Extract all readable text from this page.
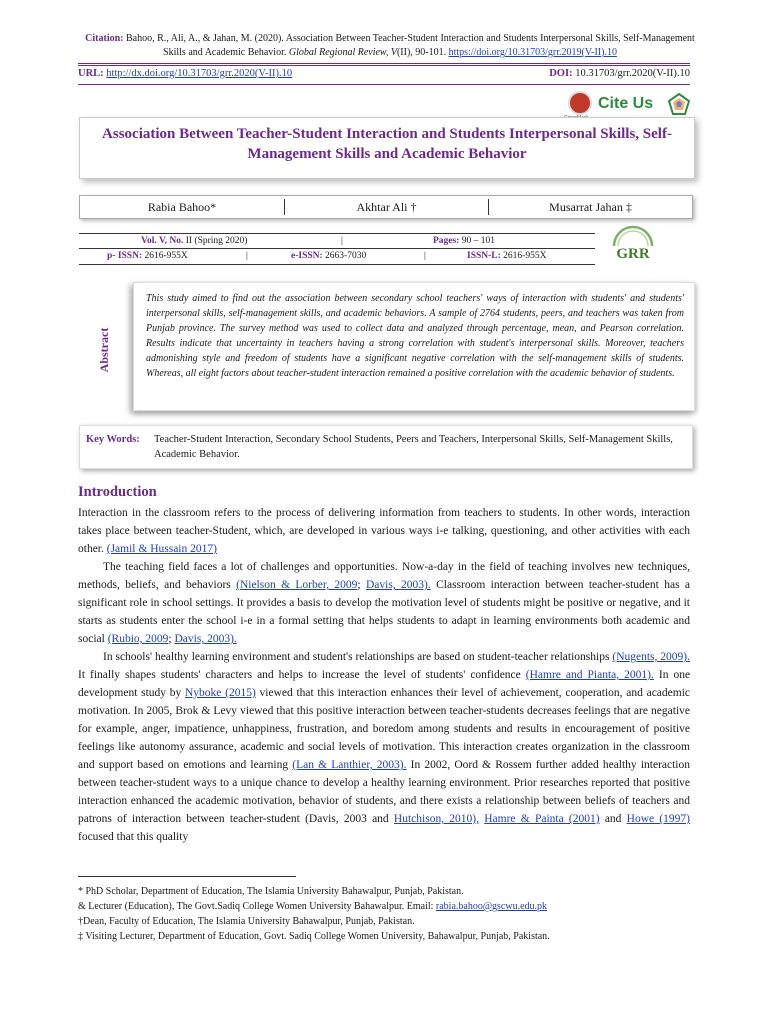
Citation: Bahoo, R., Ali, A., & Jahan, M. (2020). Association Between Teacher-Student Interaction and Students Interpersonal Skills, Self-Management Skills and Academic Behavior. Global Regional Review, V(II), 90-101. https://doi.org/10.31703/grr.2019(V-II).10
URL: http://dx.doi.org/10.31703/grr.2020(V-II).10	DOI: 10.31703/grr.2020(V-II).10
Cite Us
Association Between Teacher-Student Interaction and Students Interpersonal Skills, Self-Management Skills and Academic Behavior
Rabia Bahoo*	Akhtar Ali †	Musarrat Jahan ‡
Vol. V, No. II (Spring 2020)	|	Pages: 90 – 101
p- ISSN: 2616-955X	|	e-ISSN: 2663-7030	|	ISSN-L: 2616-955X	GRR
Abstract
This study aimed to find out the association between secondary school teachers' ways of interaction with students' and students' interpersonal skills, self-management skills, and academic behaviors. A sample of 2764 students, peers, and teachers was taken from Punjab province. The survey method was used to collect data and analyzed through percentage, mean, and Pearson correlation. Results indicate that uncertainty in teachers having a strong correlation with student's interpersonal skills. Moreover, teachers admonishing style and freedom of students have a significant negative correlation with the self-management skills of students. Whereas, all eight factors about teacher-student interaction remained a positive correlation with the academic behavior of students.
Key Words: Teacher-Student Interaction, Secondary School Students, Peers and Teachers, Interpersonal Skills, Self-Management Skills, Academic Behavior.
Introduction

Interaction in the classroom refers to the process of delivering information from teachers to students. In other words, interaction takes place between teacher-Student, which, are developed in various ways i-e talking, questioning, and other activities with each other. (Jamil & Hussain 2017)

The teaching field faces a lot of challenges and opportunities. Now-a-day in the field of teaching involves new techniques, methods, beliefs, and behaviors (Nielson & Lorber, 2009; Davis, 2003). Classroom interaction between teacher-student has a significant role in school settings. It provides a basis to develop the motivation level of students might be positive or negative, and it starts as students enter the school i-e in a formal setting that helps students to adapt in learning environments both academic and social (Rubio, 2009; Davis, 2003).

In schools' healthy learning environment and student's relationships are based on student-teacher relationships (Nugents, 2009). It finally shapes students' characters and helps to increase the level of students' confidence (Hamre and Pianta, 2001). In one development study by Nyboke (2015) viewed that this interaction enhances their level of achievement, cooperation, and academic motivation. In 2005, Brok & Levy viewed that this positive interaction between teacher-students decreases feelings that are negative for example, anger, impatience, unhappiness, frustration, and boredom among students and results in encouragement of positive feelings like autonomy assurance, academic and social levels of motivation. This interaction creates organization in the classroom and support based on emotions and learning (Lan & Lanthier, 2003). In 2002, Oord & Rossem further added healthy interaction between teacher-student ways to a unique chance to develop a healthy learning environment. Prior researches reported that positive interaction enhanced the academic motivation, behavior of students, and there exists a relationship between beliefs of teachers and patrons of interaction between teacher-student (Davis, 2003 and Hutchison, 2010), Hamre & Painta (2001) and Howe (1997) focused that this quality

* PhD Scholar, Department of Education, The Islamia University Bahawalpur, Punjab, Pakistan.
& Lecturer (Education), The Govt.Sadiq College Women University Bahawalpur. Email: rabia.bahoo@gscwu.edu.pk
†Dean, Faculty of Education, The Islamia University Bahawalpur, Punjab, Pakistan.
‡ Visiting Lecturer, Department of Education, Govt. Sadiq College Women University, Bahawalpur, Punjab, Pakistan.
